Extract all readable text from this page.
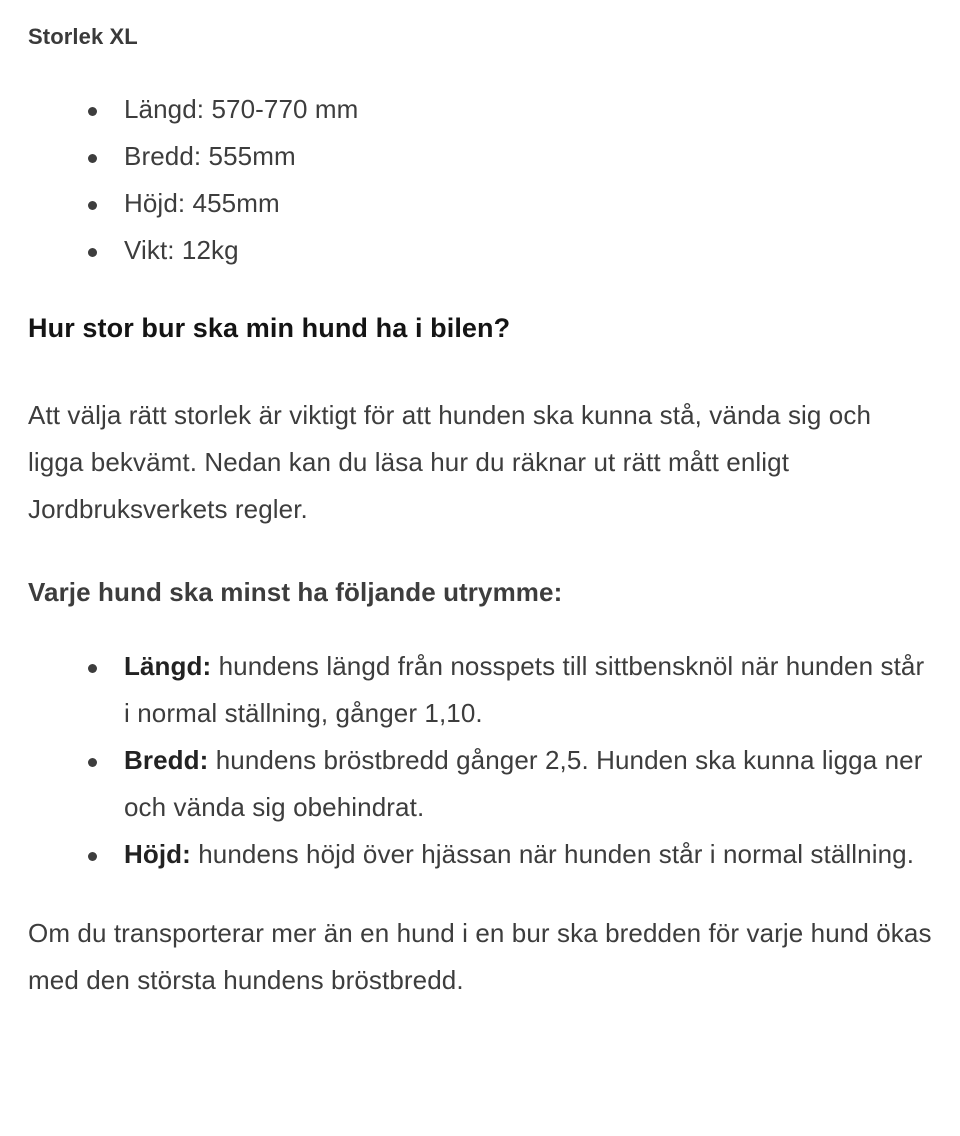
Storlek XL
Längd: 570-770 mm
Bredd: 555mm
Höjd: 455mm
Vikt: 12kg
Hur stor bur ska min hund ha i bilen?

Att välja rätt storlek är viktigt för att hunden ska kunna stå, vända sig och ligga bekvämt. Nedan kan du läsa hur du räknar ut rätt mått enligt Jordbruksverkets regler.

Varje hund ska minst ha följande utrymme:
Längd: hundens längd från nosspets till sittbensknöl när hunden står i normal ställning, gånger 1,10.
Bredd: hundens bröstbredd gånger 2,5. Hunden ska kunna ligga ner och vända sig obehindrat.
Höjd: hundens höjd över hjässan när hunden står i normal ställning.

Om du transporterar mer än en hund i en bur ska bredden för varje hund ökas med den största hundens bröstbredd.
